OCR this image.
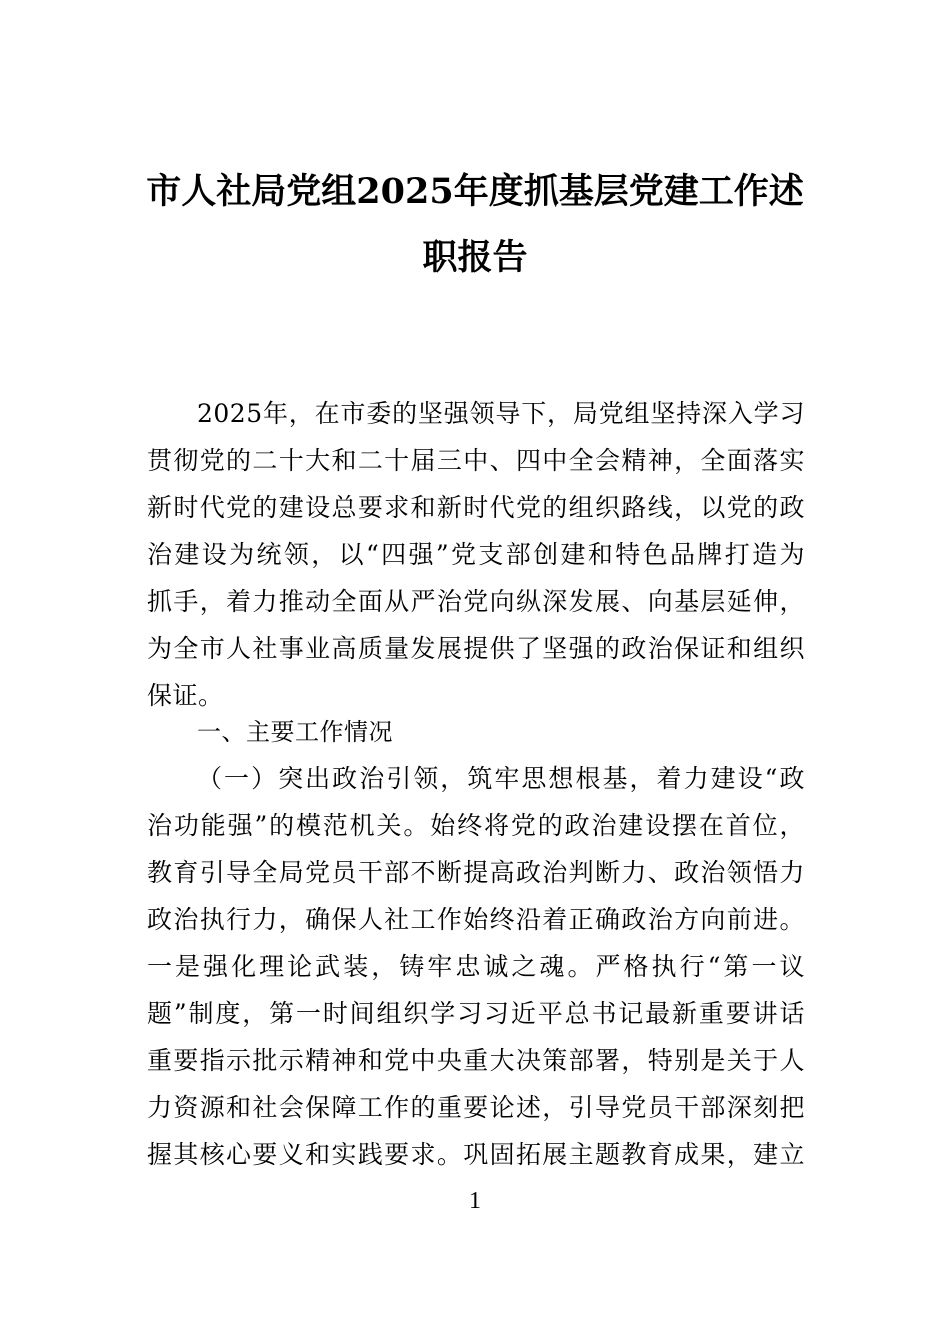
市人社局党组2025年度抓基层党建工作述
职报告
2025年，在市委的坚强领导下，局党组坚持深入学习
贯彻党的二十大和二十届三中、四中全会精神，全面落实
新时代党的建设总要求和新时代党的组织路线，以党的政
治建设为统领，以“四强”党支部创建和特色品牌打造为
抓手，着力推动全面从严治党向纵深发展、向基层延伸，
为全市人社事业高质量发展提供了坚强的政治保证和组织
保证。
一、主要工作情况
（一）突出政治引领，筑牢思想根基，着力建设“政
治功能强”的模范机关。始终将党的政治建设摆在首位，
教育引导全局党员干部不断提高政治判断力、政治领悟力
政治执行力，确保人社工作始终沿着正确政治方向前进。
一是强化理论武装，铸牢忠诚之魂。严格执行“第一议
题”制度，第一时间组织学习习近平总书记最新重要讲话
重要指示批示精神和党中央重大决策部署，特别是关于人
力资源和社会保障工作的重要论述，引导党员干部深刻把
握其核心要义和实践要求。巩固拓展主题教育成果，建立
1
